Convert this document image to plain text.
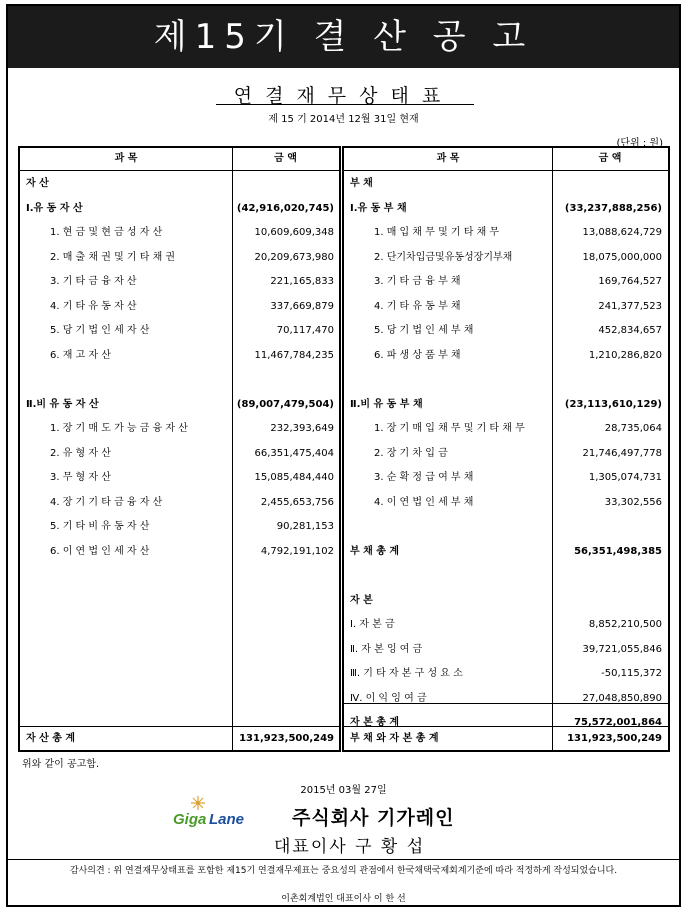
제15기 결 산 공 고
연결재무상태표
제 15 기 2014년 12월 31일 현재
(단위 : 원)
과 목	금 액
자 산
Ⅰ.유 동 자 산	(42,916,020,745)
1. 현 금 및 현 금 성 자 산	10,609,609,348
2. 매 출 채 권 및 기 타 채 권	20,209,673,980
3. 기 타 금 융 자 산	221,165,833
4. 기 타 유 동 자 산	337,669,879
5. 당 기 법 인 세 자 산	70,117,470
6. 재 고 자 산	11,467,784,235
Ⅱ.비 유 동 자 산	(89,007,479,504)
1. 장 기 매 도 가 능 금 융 자 산	232,393,649
2. 유 형 자 산	66,351,475,404
3. 무 형 자 산	15,085,484,440
4. 장 기 기 타 금 융 자 산	2,455,653,756
5. 기 타 비 유 동 자 산	90,281,153
6. 이 연 법 인 세 자 산	4,792,191,102
자 산 총 계	131,923,500,249
과 목	금 액
부 채
Ⅰ.유 동 부 채	(33,237,888,256)
1. 매 입 채 무 및 기 타 채 무	13,088,624,729
2. 단기차입금및유동성장기부채	18,075,000,000
3. 기 타 금 융 부 채	169,764,527
4. 기 타 유 동 부 채	241,377,523
5. 당 기 법 인 세 부 채	452,834,657
6. 파 생 상 품 부 채	1,210,286,820
Ⅱ.비 유 동 부 채	(23,113,610,129)
1. 장 기 매 입 채 무 및 기 타 채 무	28,735,064
2. 장 기 차 입 금	21,746,497,778
3. 순 확 정 급 여 부 채	1,305,074,731
4. 이 연 법 인 세 부 채	33,302,556
부 채 총 계	56,351,498,385
자 본
Ⅰ. 자 본 금	8,852,210,500
Ⅱ. 자 본 잉 여 금	39,721,055,846
Ⅲ. 기 타 자 본 구 성 요 소	-50,115,372
Ⅳ. 이 익 잉 여 금	27,048,850,890
자 본 총 계	75,572,001,864
부 채 와 자 본 총 계	131,923,500,249
위와 같이 공고함.
2015년 03월 27일
Giga Lane	주식회사 기가레인
대표이사 구 황 섭
감사의견 : 위 연결재무상태표를 포함한 제15기 연결재무제표는 중요성의 관점에서 한국채택국제회계기준에 따라 적정하게 작성되었습니다.
이촌회계법인 대표이사 이 한 선
